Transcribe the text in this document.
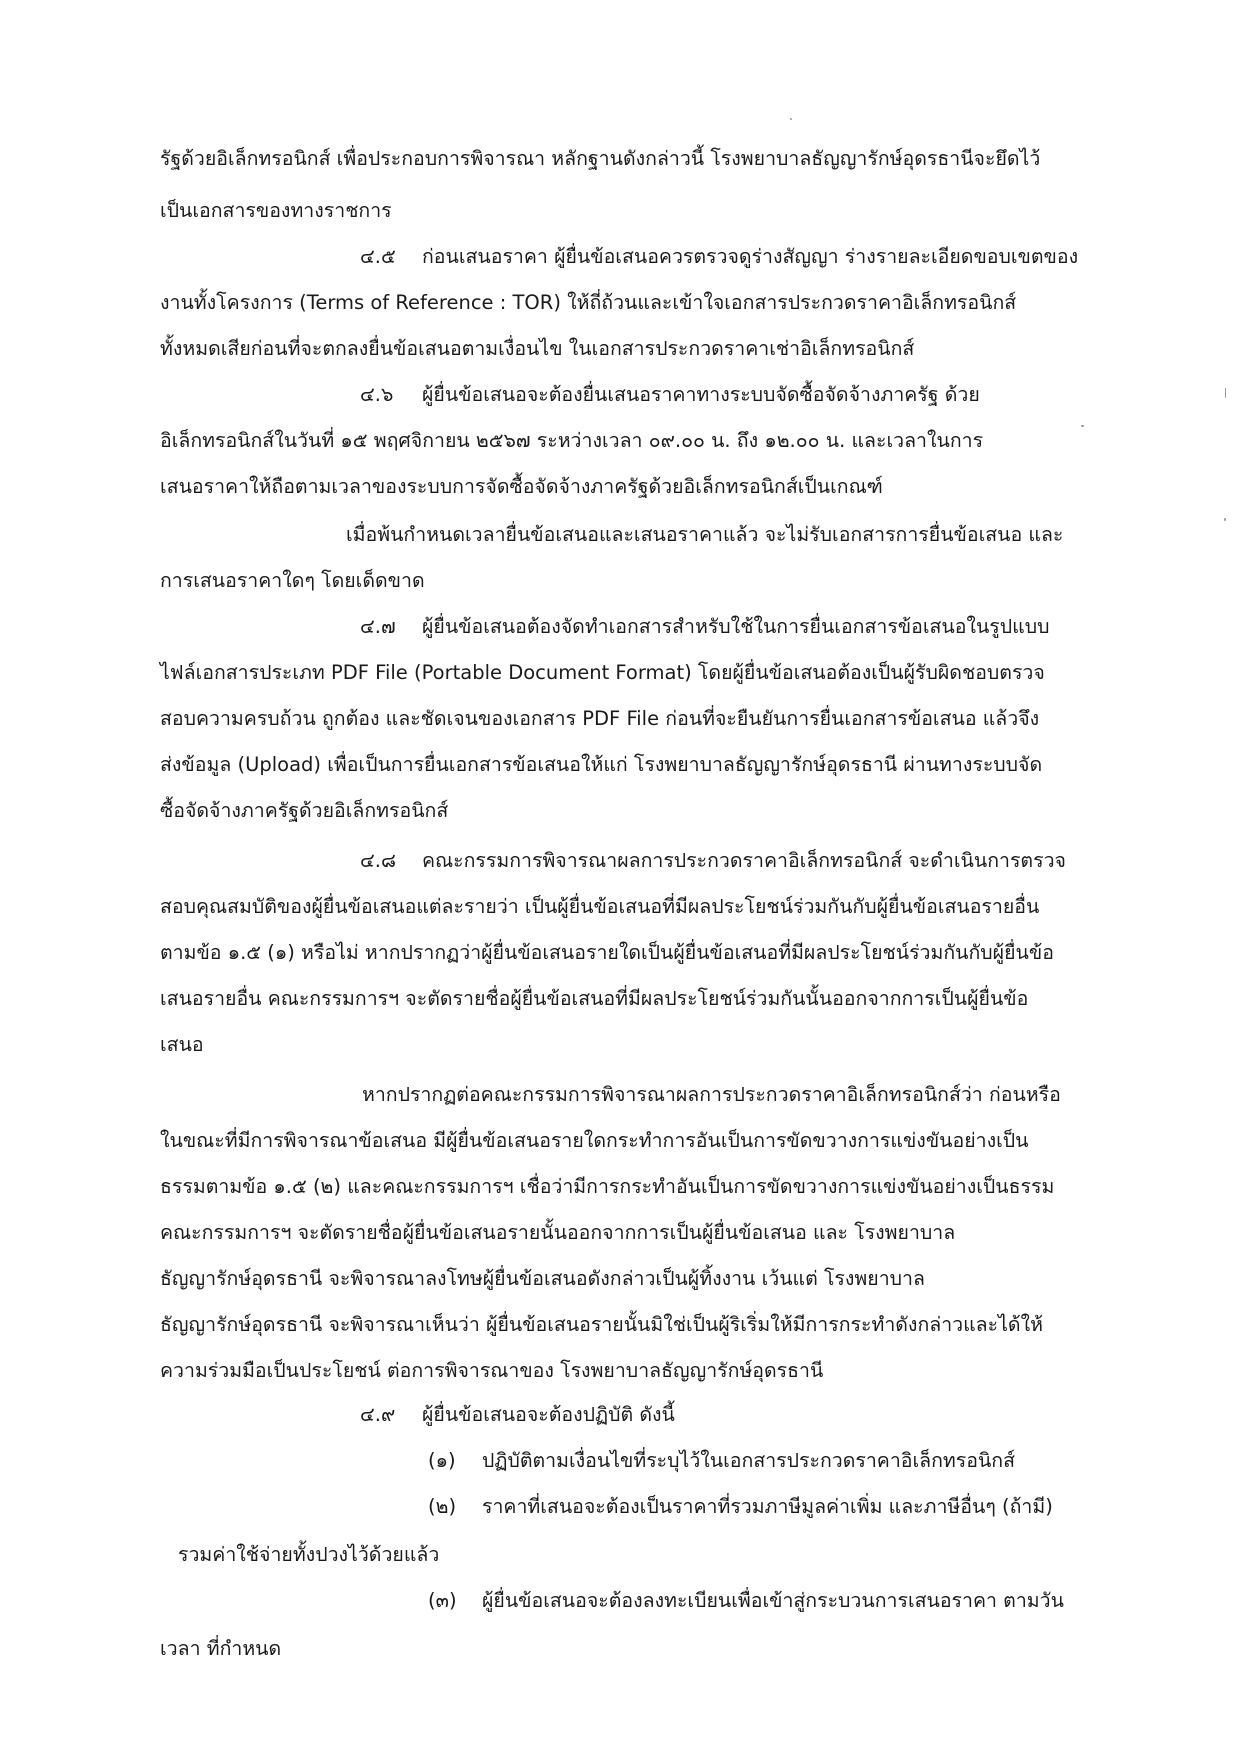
รัฐด้วยอิเล็กทรอนิกส์ เพื่อประกอบการพิจารณา หลักฐานดังกล่าวนี้ โรงพยาบาลธัญญารักษ์อุดรธานีจะยึดไว้
เป็นเอกสารของทางราชการ
๔.๕ ก่อนเสนอราคา ผู้ยื่นข้อเสนอควรตรวจดูร่างสัญญา ร่างรายละเอียดขอบเขตของ
งานทั้งโครงการ (Terms of Reference : TOR) ให้ถี่ถ้วนและเข้าใจเอกสารประกวดราคาอิเล็กทรอนิกส์
ทั้งหมดเสียก่อนที่จะตกลงยื่นข้อเสนอตามเงื่อนไข ในเอกสารประกวดราคาเช่าอิเล็กทรอนิกส์
๔.๖ ผู้ยื่นข้อเสนอจะต้องยื่นเสนอราคาทางระบบจัดซื้อจัดจ้างภาครัฐ ด้วย
อิเล็กทรอนิกส์ในวันที่ ๑๕ พฤศจิกายน ๒๕๖๗ ระหว่างเวลา ๐๙.๐๐ น. ถึง ๑๒.๐๐ น. และเวลาในการ
เสนอราคาให้ถือตามเวลาของระบบการจัดซื้อจัดจ้างภาครัฐด้วยอิเล็กทรอนิกส์เป็นเกณฑ์
เมื่อพ้นกำหนดเวลายื่นข้อเสนอและเสนอราคาแล้ว จะไม่รับเอกสารการยื่นข้อเสนอ และ
การเสนอราคาใดๆ โดยเด็ดขาด
๔.๗ ผู้ยื่นข้อเสนอต้องจัดทำเอกสารสำหรับใช้ในการยื่นเอกสารข้อเสนอในรูปแบบ
ไฟล์เอกสารประเภท PDF File (Portable Document Format) โดยผู้ยื่นข้อเสนอต้องเป็นผู้รับผิดชอบตรวจ
สอบความครบถ้วน ถูกต้อง และชัดเจนของเอกสาร PDF File ก่อนที่จะยืนยันการยื่นเอกสารข้อเสนอ แล้วจึง
ส่งข้อมูล (Upload) เพื่อเป็นการยื่นเอกสารข้อเสนอให้แก่ โรงพยาบาลธัญญารักษ์อุดรธานี ผ่านทางระบบจัด
ซื้อจัดจ้างภาครัฐด้วยอิเล็กทรอนิกส์
๔.๘ คณะกรรมการพิจารณาผลการประกวดราคาอิเล็กทรอนิกส์ จะดำเนินการตรวจ
สอบคุณสมบัติของผู้ยื่นข้อเสนอแต่ละรายว่า เป็นผู้ยื่นข้อเสนอที่มีผลประโยชน์ร่วมกันกับผู้ยื่นข้อเสนอรายอื่น
ตามข้อ ๑.๕ (๑) หรือไม่ หากปรากฏว่าผู้ยื่นข้อเสนอรายใดเป็นผู้ยื่นข้อเสนอที่มีผลประโยชน์ร่วมกันกับผู้ยื่นข้อ
เสนอรายอื่น คณะกรรมการฯ จะตัดรายชื่อผู้ยื่นข้อเสนอที่มีผลประโยชน์ร่วมกันนั้นออกจากการเป็นผู้ยื่นข้อ
เสนอ
หากปรากฏต่อคณะกรรมการพิจารณาผลการประกวดราคาอิเล็กทรอนิกส์ว่า ก่อนหรือ
ในขณะที่มีการพิจารณาข้อเสนอ มีผู้ยื่นข้อเสนอรายใดกระทำการอันเป็นการขัดขวางการแข่งขันอย่างเป็น
ธรรมตามข้อ ๑.๕ (๒) และคณะกรรมการฯ เชื่อว่ามีการกระทำอันเป็นการขัดขวางการแข่งขันอย่างเป็นธรรม
คณะกรรมการฯ จะตัดรายชื่อผู้ยื่นข้อเสนอรายนั้นออกจากการเป็นผู้ยื่นข้อเสนอ และ โรงพยาบาล
ธัญญารักษ์อุดรธานี จะพิจารณาลงโทษผู้ยื่นข้อเสนอดังกล่าวเป็นผู้ทิ้งงาน เว้นแต่ โรงพยาบาล
ธัญญารักษ์อุดรธานี จะพิจารณาเห็นว่า ผู้ยื่นข้อเสนอรายนั้นมิใช่เป็นผู้ริเริ่มให้มีการกระทำดังกล่าวและได้ให้
ความร่วมมือเป็นประโยชน์ ต่อการพิจารณาของ โรงพยาบาลธัญญารักษ์อุดรธานี
๔.๙ ผู้ยื่นข้อเสนอจะต้องปฏิบัติ ดังนี้
(๑) ปฏิบัติตามเงื่อนไขที่ระบุไว้ในเอกสารประกวดราคาอิเล็กทรอนิกส์
(๒) ราคาที่เสนอจะต้องเป็นราคาที่รวมภาษีมูลค่าเพิ่ม และภาษีอื่นๆ (ถ้ามี)
รวมค่าใช้จ่ายทั้งปวงไว้ด้วยแล้ว
(๓) ผู้ยื่นข้อเสนอจะต้องลงทะเบียนเพื่อเข้าสู่กระบวนการเสนอราคา ตามวัน
เวลา ที่กำหนด
